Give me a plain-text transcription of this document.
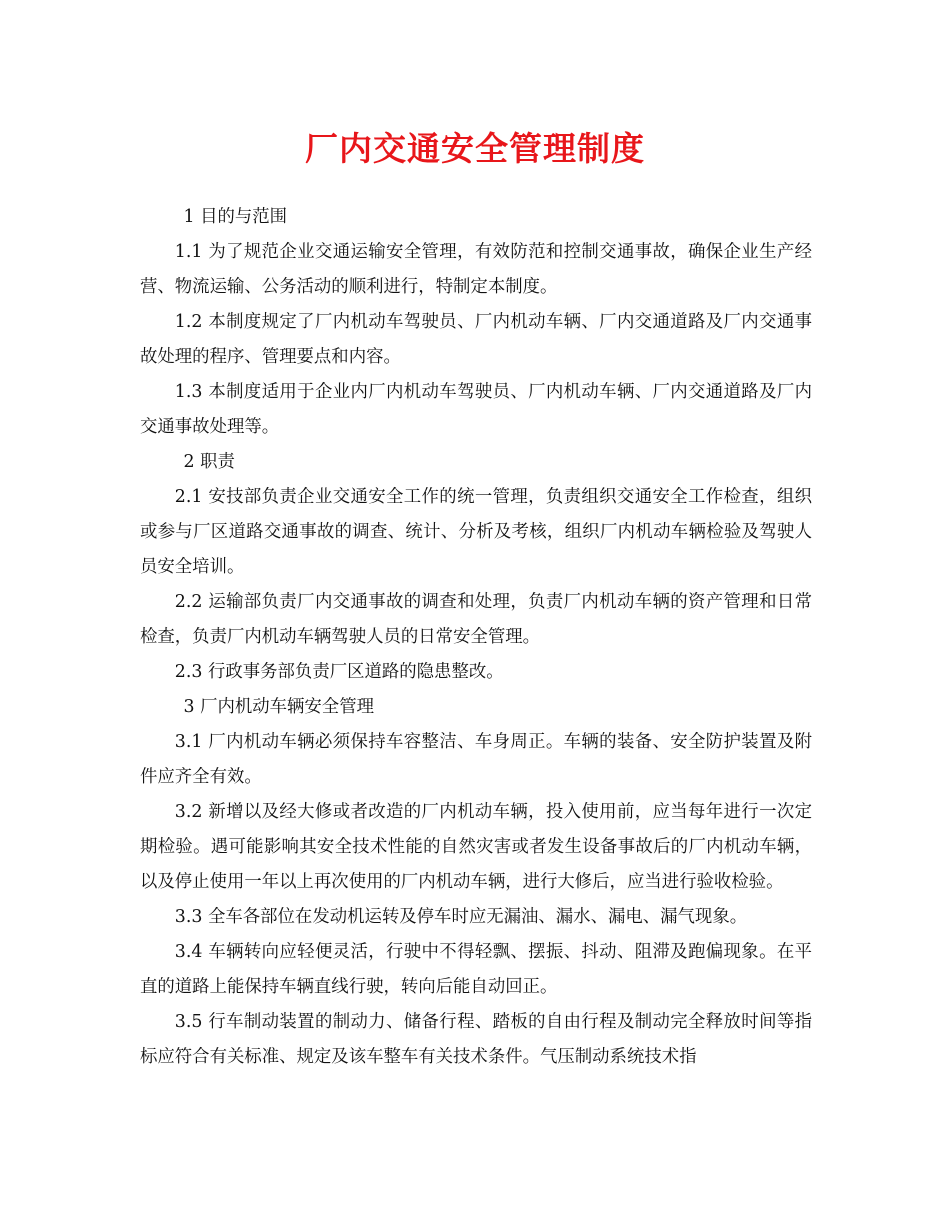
厂内交通安全管理制度

1 目的与范围

1.1 为了规范企业交通运输安全管理，有效防范和控制交通事故，确保企业生产经营、物流运输、公务活动的顺利进行，特制定本制度。

1.2 本制度规定了厂内机动车驾驶员、厂内机动车辆、厂内交通道路及厂内交通事故处理的程序、管理要点和内容。

1.3 本制度适用于企业内厂内机动车驾驶员、厂内机动车辆、厂内交通道路及厂内交通事故处理等。

2 职责

2.1 安技部负责企业交通安全工作的统一管理，负责组织交通安全工作检查，组织或参与厂区道路交通事故的调查、统计、分析及考核，组织厂内机动车辆检验及驾驶人员安全培训。

2.2 运输部负责厂内交通事故的调查和处理，负责厂内机动车辆的资产管理和日常检查，负责厂内机动车辆驾驶人员的日常安全管理。

2.3 行政事务部负责厂区道路的隐患整改。

3 厂内机动车辆安全管理

3.1 厂内机动车辆必须保持车容整洁、车身周正。车辆的装备、安全防护装置及附件应齐全有效。

3.2 新增以及经大修或者改造的厂内机动车辆，投入使用前，应当每年进行一次定期检验。遇可能影响其安全技术性能的自然灾害或者发生设备事故后的厂内机动车辆，以及停止使用一年以上再次使用的厂内机动车辆，进行大修后，应当进行验收检验。

3.3 全车各部位在发动机运转及停车时应无漏油、漏水、漏电、漏气现象。

3.4 车辆转向应轻便灵活，行驶中不得轻飘、摆振、抖动、阻滞及跑偏现象。在平直的道路上能保持车辆直线行驶，转向后能自动回正。

3.5 行车制动装置的制动力、储备行程、踏板的自由行程及制动完全释放时间等指标应符合有关标准、规定及该车整车有关技术条件。气压制动系统技术指
